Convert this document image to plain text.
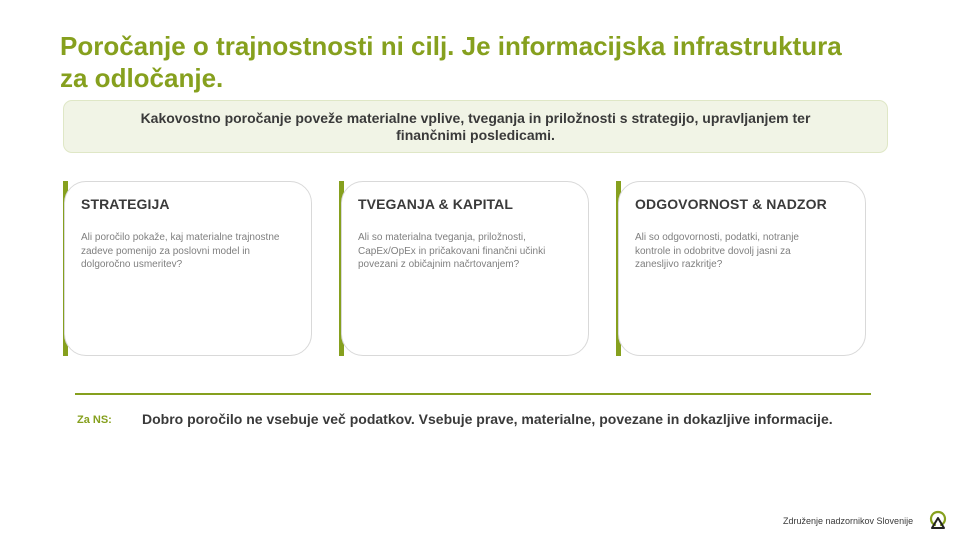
Poročanje o trajnostnosti ni cilj. Je informacijska infrastruktura za odločanje.
Kakovostno poročanje poveže materialne vplive, tveganja in priložnosti s strategijo, upravljanjem ter finančnimi posledicami.
STRATEGIJA
Ali poročilo pokaže, kaj materialne trajnostne zadeve pomenijo za poslovni model in dolgoročno usmeritev?
TVEGANJA & KAPITAL
Ali so materialna tveganja, priložnosti, CapEx/OpEx in pričakovani finančni učinki povezani z običajnim načrtovanjem?
ODGOVORNOST & NADZOR
Ali so odgovornosti, podatki, notranje kontrole in odobritve dovolj jasni za zanesljivo razkritje?
Za NS: Dobro poročilo ne vsebuje več podatkov. Vsebuje prave, materialne, povezane in dokazljive informacije.
Združenje nadzornikov Slovenije
